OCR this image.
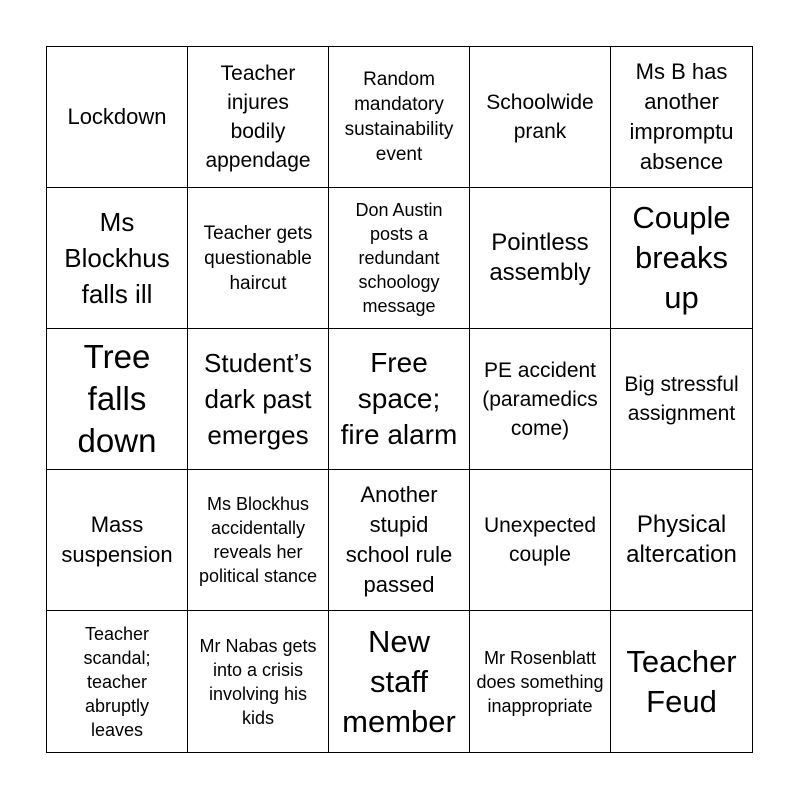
Lockdown
Teacher injures bodily appendage
Random mandatory sustainability event
Schoolwide prank
Ms B has another impromptu absence
Ms Blockhus falls ill
Teacher gets questionable haircut
Don Austin posts a redundant schoology message
Pointless assembly
Couple breaks up
Tree falls down
Student’s dark past emerges
Free space; fire alarm
PE accident (paramedics come)
Big stressful assignment
Mass suspension
Ms Blockhus accidentally reveals her political stance
Another stupid school rule passed
Unexpected couple
Physical altercation
Teacher scandal; teacher abruptly leaves
Mr Nabas gets into a crisis involving his kids
New staff member
Mr Rosenblatt does something inappropriate
Teacher Feud
